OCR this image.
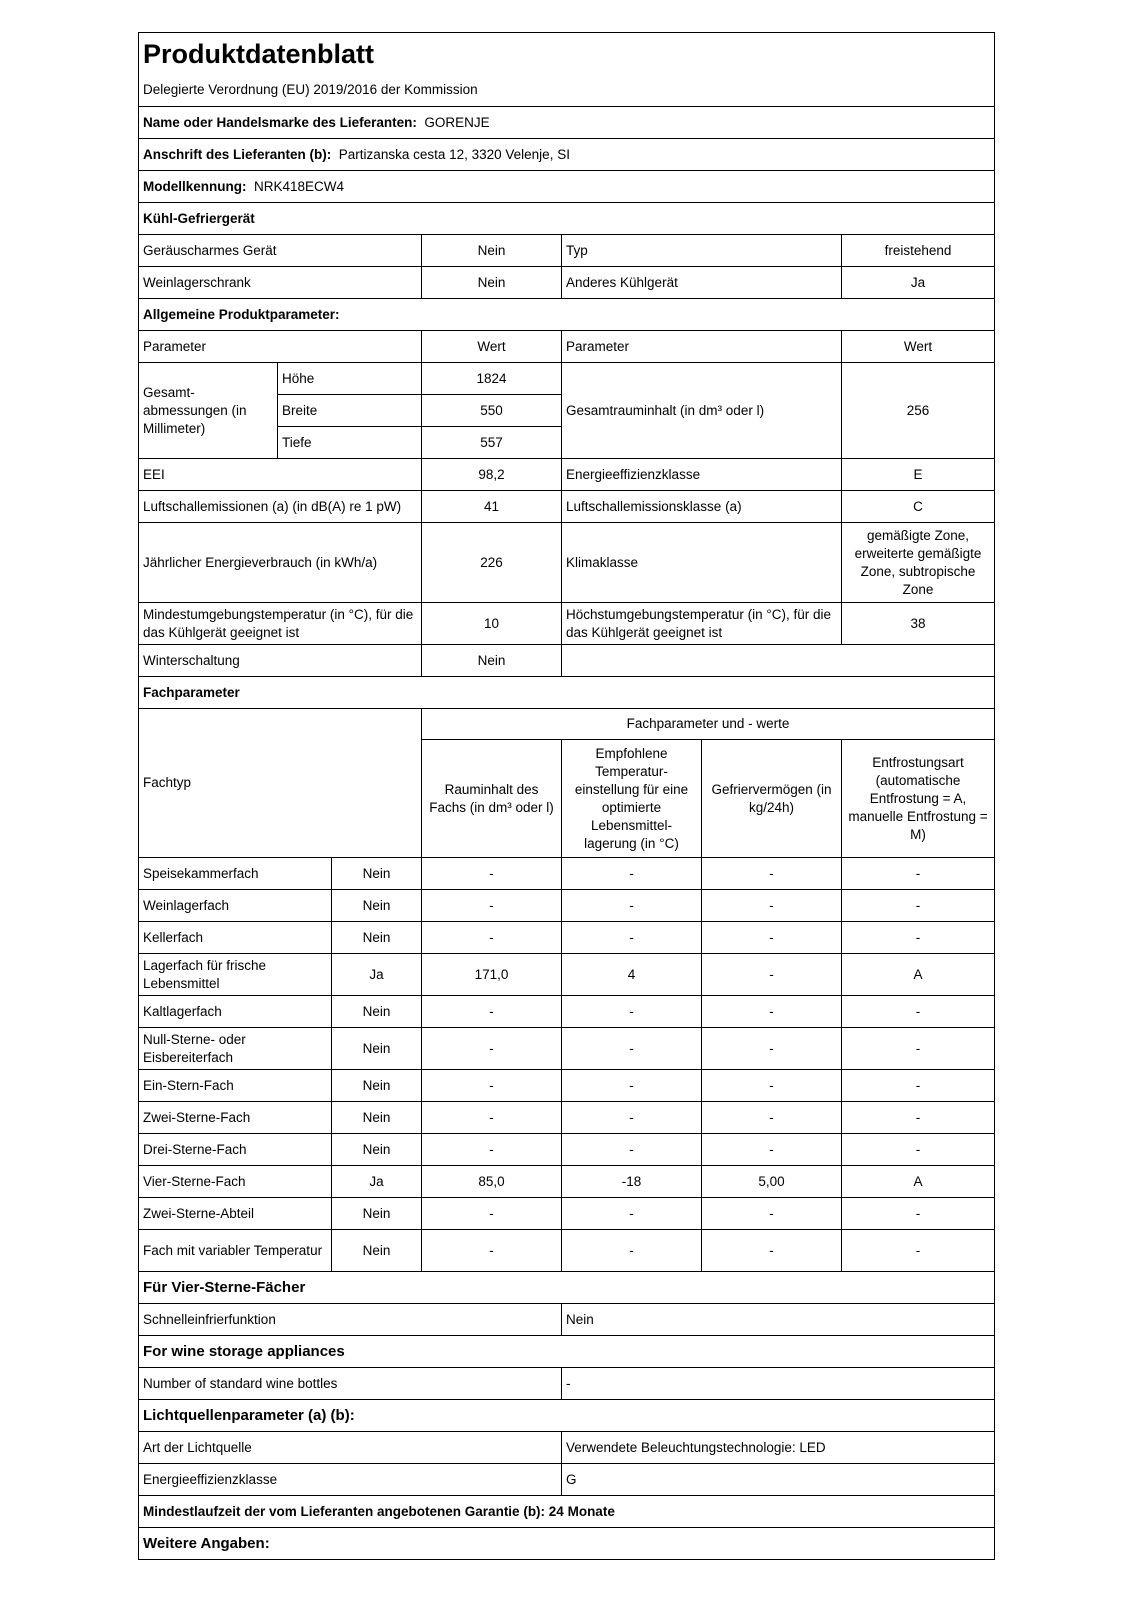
Produktdatenblatt						
Delegierte Verordnung (EU) 2019/2016 der Kommission						
Name oder Handelsmarke des Lieferanten: GORENJE						
Anschrift des Lieferanten (b): Partizanska cesta 12, 3320 Velenje, SI						
Modellkennung: NRK418ECW4						
Kühl-Gefriergerät						
Geräuscharmes Gerät			Nein	Typ		freistehend
Weinlagerschrank			Nein	Anderes Kühlgerät		Ja
Allgemeine Produktparameter:						
Parameter			Wert	Parameter		Wert
Gesamt-abmessungen (in Millimeter)	Höhe		1824	Gesamtrauminhalt (in dm³ oder l)		256
	Breite		550			
	Tiefe		557			
EEI			98,2	Energieeffizienzklasse		E
Luftschallemissionen (a) (in dB(A) re 1 pW)			41	Luftschallemissionsklasse (a)		C
Jährlicher Energieverbrauch (in kWh/a)			226	Klimaklasse		gemäßigte Zone, erweiterte gemäßigte Zone, subtropische Zone
Mindestumgebungstemperatur (in °C), für die das Kühlgerät geeignet ist			10	Höchstumgebungstemperatur (in °C), für die das Kühlgerät geeignet ist		38
Winterschaltung			Nein			
Fachparameter						
Fachtyp			Fachparameter und - werte			
			Rauminhalt des Fachs (in dm³ oder l)	Empfohlene Temperatur-einstellung für eine optimierte Lebensmittel-lagerung (in °C)	Gefriervermögen (in kg/24h)	Entfrostungsart (automatische Entfrostung = A, manuelle Entfrostung = M)
Speisekammerfach		Nein	-	-	-	-
Weinlagerfach		Nein	-	-	-	-
Kellerfach		Nein	-	-	-	-
Lagerfach für frische Lebensmittel		Ja	171,0	4	-	A
Kaltlagerfach		Nein	-	-	-	-
Null-Sterne- oder Eisbereiterfach		Nein	-	-	-	-
Ein-Stern-Fach		Nein	-	-	-	-
Zwei-Sterne-Fach		Nein	-	-	-	-
Drei-Sterne-Fach		Nein	-	-	-	-
Vier-Sterne-Fach		Ja	85,0	-18	5,00	A
Zwei-Sterne-Abteil		Nein	-	-	-	-
Fach mit variabler Temperatur		Nein	-	-	-	-
Für Vier-Sterne-Fächer						
Schnelleinfrierfunktion				Nein		
For wine storage appliances						
Number of standard wine bottles				-		
Lichtquellenparameter (a) (b):						
Art der Lichtquelle				Verwendete Beleuchtungstechnologie: LED		
Energieeffizienzklasse				G		
Mindestlaufzeit der vom Lieferanten angebotenen Garantie (b): 24 Monate						
Weitere Angaben:						
